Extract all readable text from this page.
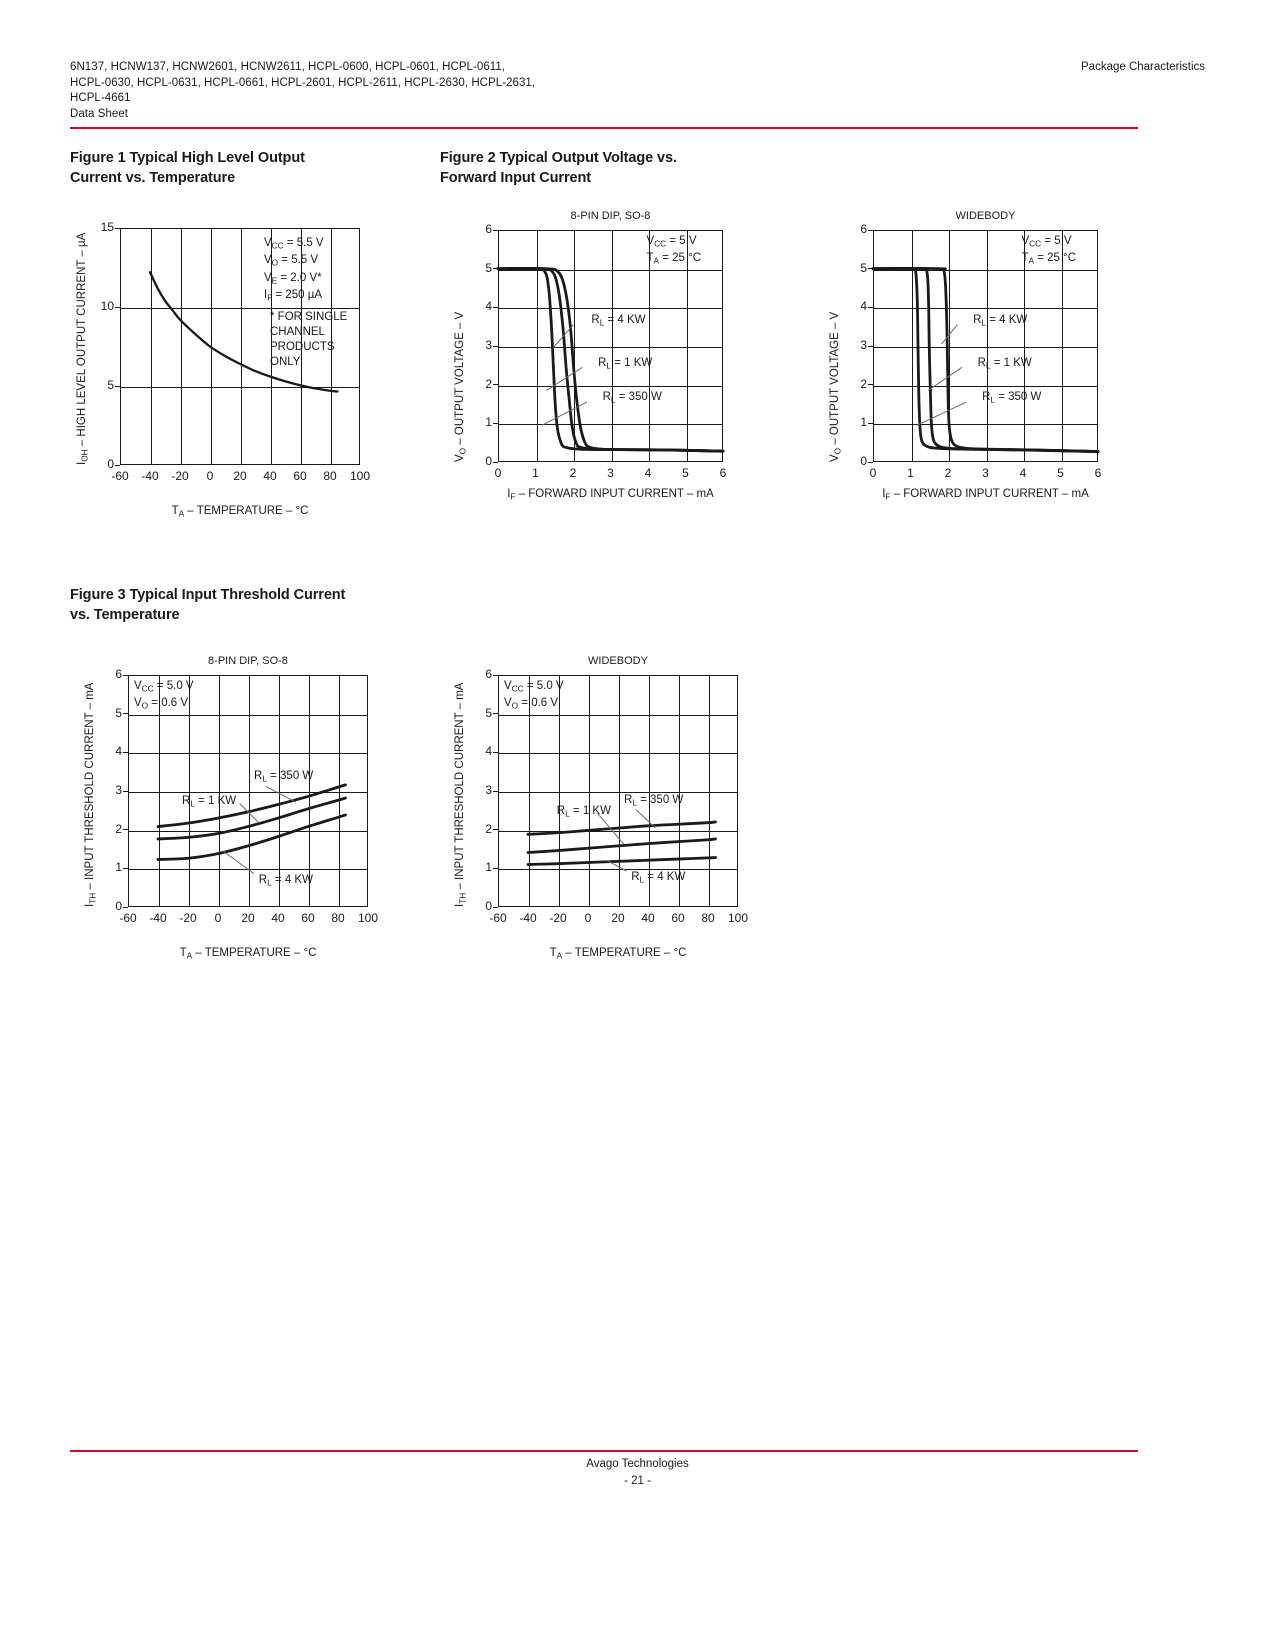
6N137, HCNW137, HCNW2601, HCNW2611, HCPL-0600, HCPL-0601, HCPL-0611,
HCPL-0630, HCPL-0631, HCPL-0661, HCPL-2601, HCPL-2611, HCPL-2630, HCPL-2631,
HCPL-4661
Data Sheet
Package Characteristics
Figure 1 Typical High Level Output
Current vs. Temperature
Figure 2 Typical Output Voltage vs.
Forward Input Current
Figure 3 Typical Input Threshold Current
vs. Temperature
0
5
10
15
-60	-40	-20	0	20	40	60	80	100
$I_{OH}$ – HIGH LEVEL OUTPUT CURRENT – µA
$T_A$ – TEMPERATURE – °C
$V_{CC} = 5.5$ V
$V_O = 5.5$ V
$V_E = 2.0$ V*
$I_F = 250$ µA
* FOR SINGLE
CHANNEL
PRODUCTS
ONLY
8-PIN DIP, SO-8
0
1
2
3
4
5
6
0	1	2	3	4	5	6
$V_O$ – OUTPUT VOLTAGE – V
$I_F$ – FORWARD INPUT CURRENT – mA
$V_{CC} = 5$ V
$T_A = 25$ °C
$R_L = 4$ KW
$R_L = 1$ KW
$R_L = 350$ W
WIDEBODY
0
1
2
3
4
5
6
0	1	2	3	4	5	6
$V_O$ – OUTPUT VOLTAGE – V
$I_F$ – FORWARD INPUT CURRENT – mA
$V_{CC} = 5$ V
$T_A = 25$ °C
$R_L = 4$ KW
$R_L = 1$ KW
$R_L = 350$ W
8-PIN DIP, SO-8
0
1
2
3
4
5
6
-60	-40	-20	0	20	40	60	80	100
$I_{TH}$ – INPUT THRESHOLD CURRENT – mA
$T_A$ – TEMPERATURE – °C
$V_{CC} = 5.0$ V
$V_O = 0.6$ V
$R_L = 350$ W
$R_L = 1$ KW
$R_L = 4$ KW
WIDEBODY
0
1
2
3
4
5
6
-60	-40	-20	0	20	40	60	80	100
$I_{TH}$ – INPUT THRESHOLD CURRENT – mA
$T_A$ – TEMPERATURE – °C
$V_{CC} = 5.0$ V
$V_O = 0.6$ V
$R_L = 350$ W
$R_L = 1$ KW
$R_L = 4$ KW
Avago Technologies
- 21 -
